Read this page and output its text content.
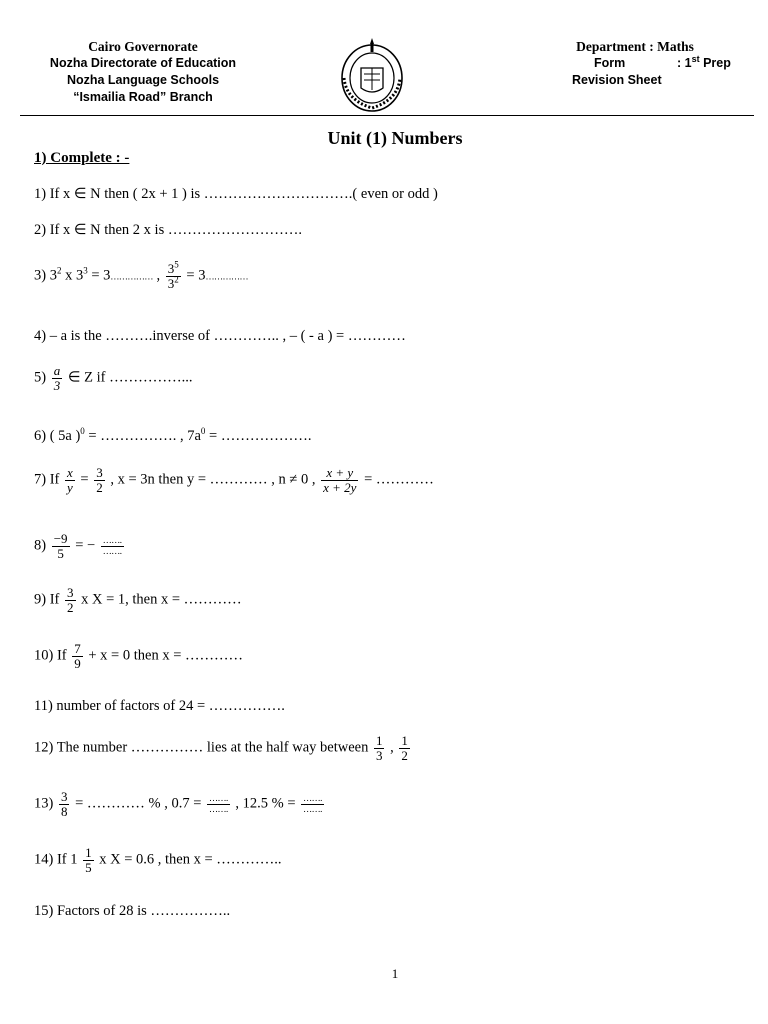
Cairo Governorate
Nozha Directorate of Education
Nozha Language Schools
“Ismailia Road” Branch
Department : Maths
Form	: 1st Prep
Revision Sheet
Unit (1) Numbers
1) Complete : -
1) If x ∈ N then ( 2x + 1 ) is ………………………….( even or odd )
2) If x ∈ N then 2 x is ……………………….
3) $3^2$ x $3^3$ = 3…………… , $\frac{3^5}{3^2}$ = 3……………
4) – a is the ……….inverse of ………….. , – ( - a ) = …………
$5) \frac{a}{3}$ ∈ Z if ……………...
6) ( 5a )$^0$ = ……………. , $7a^0$ = ……………….
7) If $\frac{x}{y} = \frac{3}{2}$ , x = 3n then y = ………… , n ≠ 0 , $\frac{x + y}{x + 2y}$ = …………
$8) \frac{-9}{5}$ = − $\frac{\dots\dots.}{\dots\dots.}$
9) If $\frac{3}{2}$ x X = 1, then x = …………
10) If $\frac{7}{9} + x = 0$ then x = …………
11) number of factors of 24 = …………….
12) The number …………… lies at the half way between $\frac{1}{3}$ , $\frac{1}{2}$
$13) \frac{3}{8}$ = ………… % , $0.7 = \frac{\dots\dots.}{\dots\dots.}$ , 12.5 % = $\frac{\dots\dots.}{\dots\dots.}$
14) If $1 \frac{1}{5}$ x X = 0.6 , then x = …………..
15) Factors of 28 is ……………..
1
